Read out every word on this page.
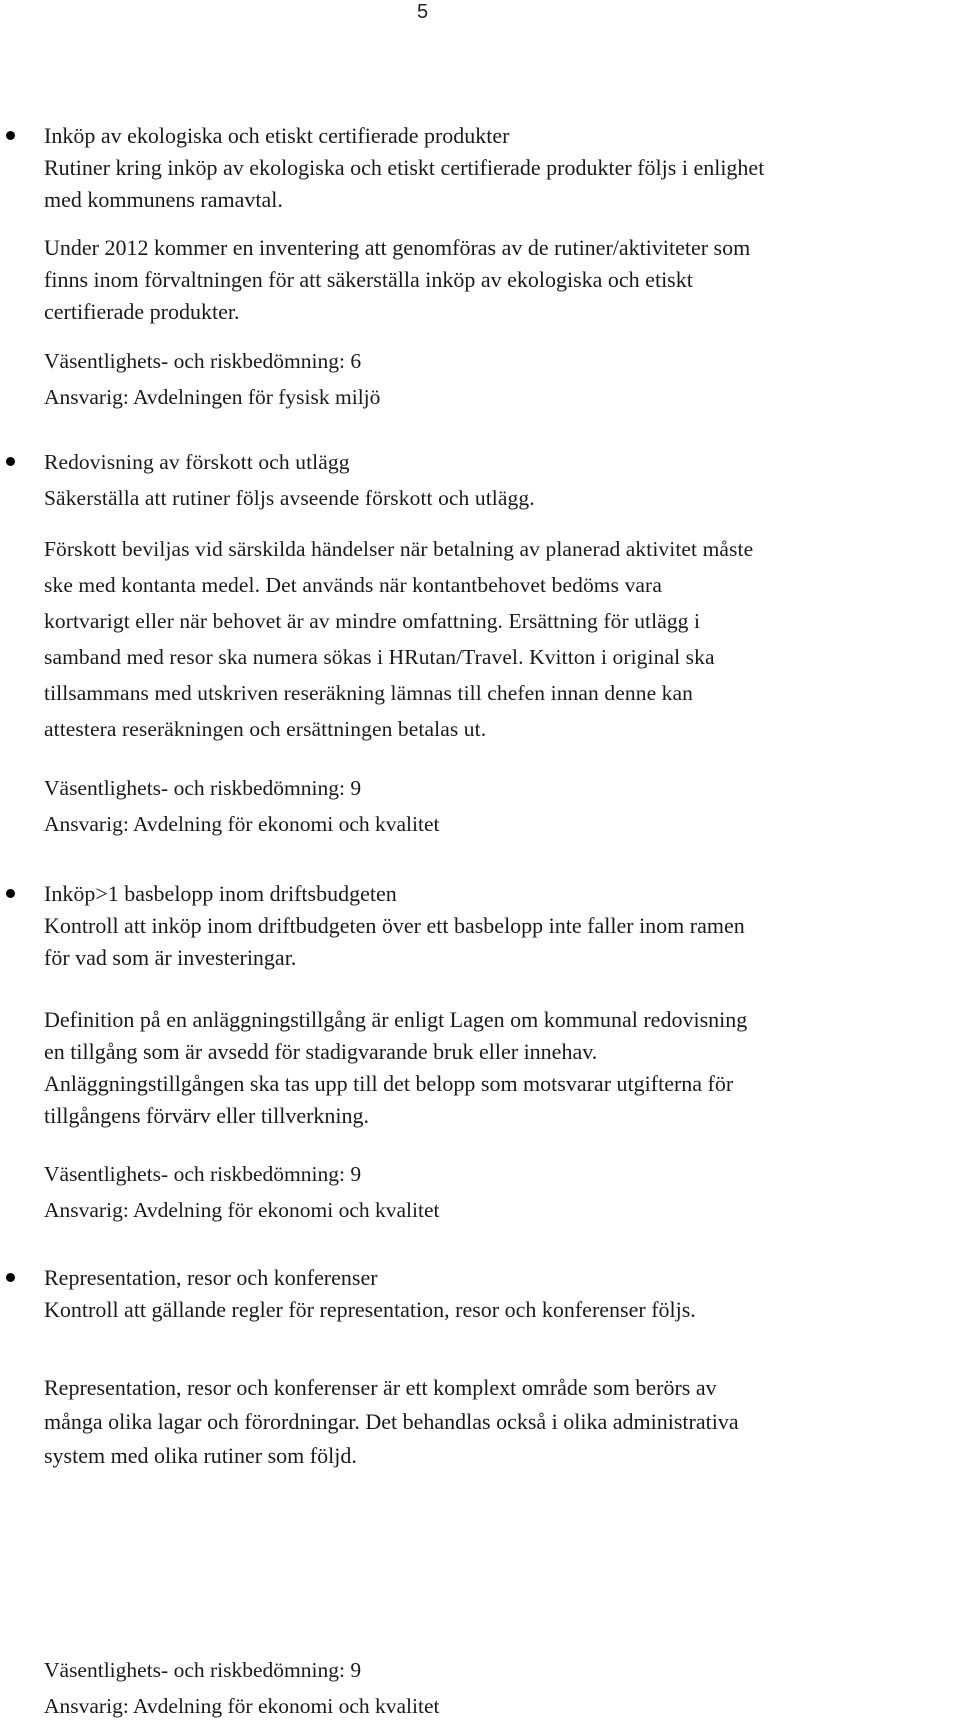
5
Inköp av ekologiska och etiskt certifierade produkter
Rutiner kring inköp av ekologiska och etiskt certifierade produkter följs i enlighet
med kommunens ramavtal.
Under 2012 kommer en inventering att genomföras av de rutiner/aktiviteter som
finns inom förvaltningen för att säkerställa inköp av ekologiska och etiskt
certifierade produkter.
Väsentlighets- och riskbedömning: 6
Ansvarig: Avdelningen för fysisk miljö
Redovisning av förskott och utlägg
Säkerställa att rutiner följs avseende förskott och utlägg.
Förskott beviljas vid särskilda händelser när betalning av planerad aktivitet måste
ske med kontanta medel. Det används när kontantbehovet bedöms vara
kortvarigt eller när behovet är av mindre omfattning. Ersättning för utlägg i
samband med resor ska numera sökas i HRutan/Travel. Kvitton i original ska
tillsammans med utskriven reseräkning lämnas till chefen innan denne kan
attestera reseräkningen och ersättningen betalas ut.
Väsentlighets- och riskbedömning: 9
Ansvarig: Avdelning för ekonomi och kvalitet
Inköp>1 basbelopp inom driftsbudgeten
Kontroll att inköp inom driftbudgeten över ett basbelopp inte faller inom ramen
för vad som är investeringar.
Definition på en anläggningstillgång är enligt Lagen om kommunal redovisning
en tillgång som är avsedd för stadigvarande bruk eller innehav.
Anläggningstillgången ska tas upp till det belopp som motsvarar utgifterna för
tillgångens förvärv eller tillverkning.
Väsentlighets- och riskbedömning: 9
Ansvarig: Avdelning för ekonomi och kvalitet
Representation, resor och konferenser
Kontroll att gällande regler för representation, resor och konferenser följs.
Representation, resor och konferenser är ett komplext område som berörs av
många olika lagar och förordningar. Det behandlas också i olika administrativa
system med olika rutiner som följd.
Väsentlighets- och riskbedömning: 9
Ansvarig: Avdelning för ekonomi och kvalitet
